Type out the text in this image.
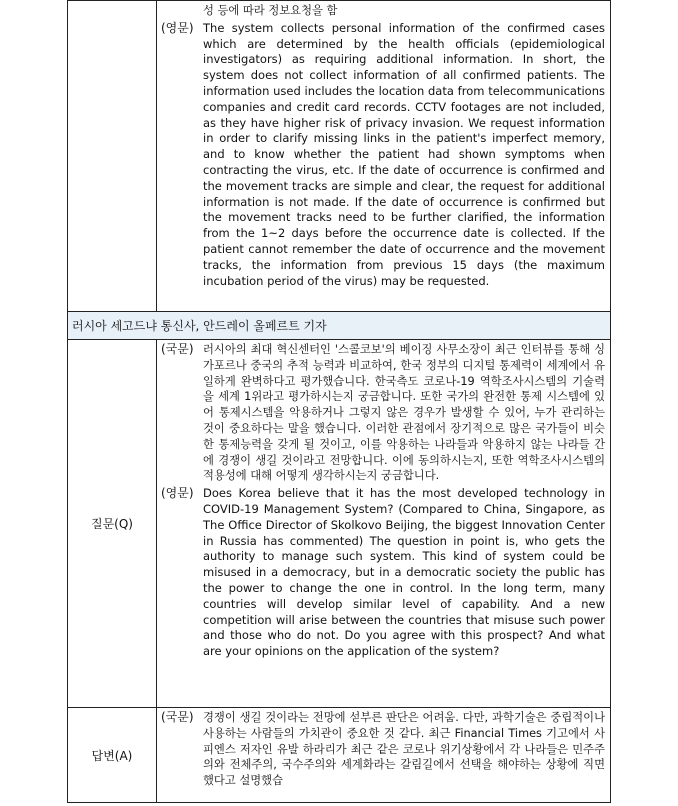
	성 등에 따라 정보요청을 함
(영문) The system collects personal information of the confirmed cases which are determined by the health officials (epidemiological investigators) as requiring additional information. In short, the system does not collect information of all confirmed patients. The information used includes the location data from telecommunications companies and credit card records. CCTV footages are not included, as they have higher risk of privacy invasion. We request information in order to clarify missing links in the patient's imperfect memory, and to know whether the patient had shown symptoms when contracting the virus, etc. If the date of occurrence is confirmed and the movement tracks are simple and clear, the request for additional information is not made. If the date of occurrence is confirmed but the movement tracks need to be further clarified, the information from the 1~2 days before the occurrence date is collected. If the patient cannot remember the date of occurrence and the movement tracks, the information from previous 15 days (the maximum incubation period of the virus) may be requested.

러시아 세고드냐 통신사, 안드레이 올페르트 기자	
질문(Q)	(국문) 러시아의 최대 혁신센터인 '스콜코보'의 베이징 사무소장이 최근 인터뷰를 통해 싱가포르나 중국의 추적 능력과 비교하여, 한국 정부의 디지털 통제력이 세계에서 유일하게 완벽하다고 평가했습니다. 한국측도 코로나-19 역학조사시스템의 기술력을 세계 1위라고 평가하시는지 궁금합니다. 또한 국가의 완전한 통제 시스템에 있어 통제시스템을 악용하거나 그렇지 않은 경우가 발생할 수 있어, 누가 관리하는 것이 중요하다는 말을 했습니다. 이러한 관점에서 장기적으로 많은 국가들이 비슷한 통제능력을 갖게 될 것이고, 이를 악용하는 나라들과 악용하지 않는 나라들 간에 경쟁이 생길 것이라고 전망합니다. 이에 동의하시는지, 또한 역학조사시스템의 적용성에 대해 어떻게 생각하시는지 궁금합니다.
(영문) Does Korea believe that it has the most developed technology in COVID-19 Management System? (Compared to China, Singapore, as The Office Director of Skolkovo Beijing, the biggest Innovation Center in Russia has commented) The question in point is, who gets the authority to manage such system. This kind of system could be misused in a democracy, but in a democratic society the public has the power to change the one in control. In the long term, many countries will develop similar level of capability. And a new competition will arise between the countries that misuse such power and those who do not. Do you agree with this prospect? And what are your opinions on the application of the system?

답변(A)	(국문) 경쟁이 생길 것이라는 전망에 섣부른 판단은 어려움. 다만, 과학기술은 중립적이나 사용하는 사람들의 가치관이 중요한 것 같다. 최근 Financial Times 기고에서 사피엔스 저자인 유발 하라리가 최근 같은 코로나 위기상황에서 각 나라들은 민주주의와 전체주의, 국수주의와 세계화라는 갈림길에서 선택을 해야하는 상황에 직면했다고 설명했습
